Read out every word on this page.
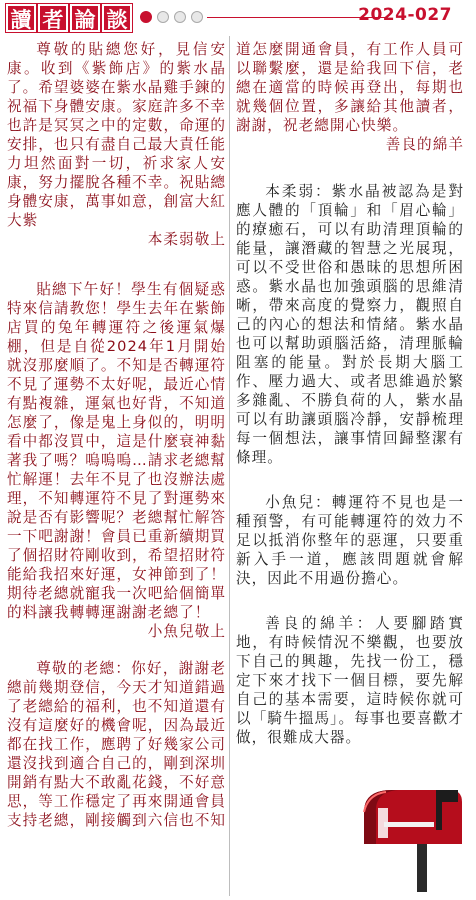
讀 者 論 談	2024-027

尊敬的貼總您好，見信安康。收到《紫飾店》的紫水晶了。希望婆婆在紫水晶雞手鍊的祝福下身體安康。家庭許多不幸也許是冥冥之中的定數，命運的安排，也只有盡自己最大責任能力坦然面對一切，祈求家人安康，努力擺脫各種不幸。祝貼總身體安康，萬事如意，創富大紅大紫

本柔弱敬上

貼總下午好！學生有個疑惑特來信請教您！學生去年在紫飾店買的兔年轉運符之後運氣爆棚，但是自從2024年1月開始就沒那麼順了。不知是否轉運符不見了運勢不太好呢，最近心情有點複雜，運氣也好背，不知道怎麼了，像是鬼上身似的，明明看中都沒買中，這是什麼衰神黏著我了嗎？嗚嗚嗚…請求老總幫忙解運！去年不見了也沒辦法處理，不知轉運符不見了對運勢來說是否有影響呢？老總幫忙解答一下吧謝謝！會員已重新續期買了個招財符剛收到，希望招財符能給我招來好運，女神節到了！期待老總就寵我一次吧給個簡單的料讓我轉轉運謝謝老總了！

小魚兒敬上

尊敬的老總：你好，謝謝老總前幾期登信，今天才知道錯過了老總給的福利，也不知道還有沒有這麼好的機會呢，因為最近都在找工作，應聘了好幾家公司還沒找到適合自己的，剛到深圳開銷有點大不敢亂花錢，不好意思，等工作穩定了再來開通會員支持老總，剛接觸到六信也不知

道怎麼開通會員，有工作人員可以聯繫麼，還是給我回下信，老總在適當的時候再登出，每期也就幾個位置，多讓給其他讀者，謝謝，祝老總開心快樂。

善良的綿羊

本柔弱：紫水晶被認為是對應人體的「頂輪」和「眉心輪」的療癒石，可以有助清理頂輪的能量，讓潛藏的智慧之光展現，可以不受世俗和愚昧的思想所困惑。紫水晶也加強頭腦的思維清晰，帶來高度的覺察力，觀照自己的內心的想法和情緒。紫水晶也可以幫助頭腦活絡，清理脈輪阻塞的能量。對於長期大腦工作、壓力過大、或者思維過於繁多雜亂、不勝負荷的人，紫水晶可以有助讓頭腦冷靜，安靜梳理每一個想法，讓事情回歸整潔有條理。

小魚兒：轉運符不見也是一種預警，有可能轉運符的效力不足以抵消你整年的惡運，只要重新入手一道，應該問題就會解決，因此不用過份擔心。

善良的綿羊：人要腳踏實地，有時候情況不樂觀，也要放下自己的興趣，先找一份工，穩定下來才找下一個目標，要先解自己的基本需要，這時候你就可以「騎牛搵馬」。每事也要喜歡才做，很難成大器。
